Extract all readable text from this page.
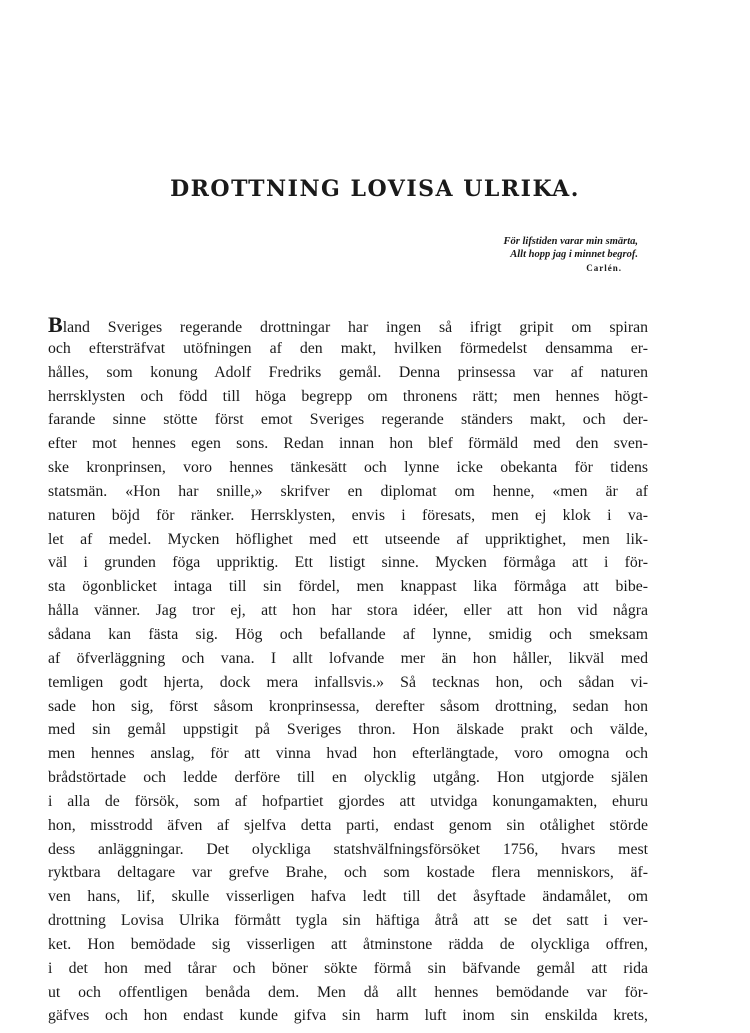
DROTTNING LOVISA ULRIKA.
För lifstiden varar min smärta,
Allt hopp jag i minnet begrof.
Carlén.
Bland Sveriges regerande drottningar har ingen så ifrigt gripit om spiran
och eftersträfvat utöfningen af den makt, hvilken förmedelst densamma er-
hålles, som konung Adolf Fredriks gemål. Denna prinsessa var af naturen
herrsklysten och född till höga begrepp om thronens rätt; men hennes högt-
farande sinne stötte först emot Sveriges regerande ständers makt, och der-
efter mot hennes egen sons. Redan innan hon blef förmäld med den sven-
ske kronprinsen, voro hennes tänkesätt och lynne icke obekanta för tidens
statsmän. «Hon har snille,» skrifver en diplomat om henne, «men är af
naturen böjd för ränker. Herrsklysten, envis i föresats, men ej klok i va-
let af medel. Mycken höflighet med ett utseende af uppriktighet, men lik-
väl i grunden föga uppriktig. Ett listigt sinne. Mycken förmåga att i för-
sta ögonblicket intaga till sin fördel, men knappast lika förmåga att bibe-
hålla vänner. Jag tror ej, att hon har stora idéer, eller att hon vid några
sådana kan fästa sig. Hög och befallande af lynne, smidig och smeksam
af öfverläggning och vana. I allt lofvande mer än hon håller, likväl med
temligen godt hjerta, dock mera infallsvis.» Så tecknas hon, och sådan vi-
sade hon sig, först såsom kronprinsessa, derefter såsom drottning, sedan hon
med sin gemål uppstigit på Sveriges thron. Hon älskade prakt och välde,
men hennes anslag, för att vinna hvad hon efterlängtade, voro omogna och
brådstörtade och ledde derföre till en olycklig utgång. Hon utgjorde själen
i alla de försök, som af hofpartiet gjordes att utvidga konungamakten, ehuru
hon, misstrodd äfven af sjelfva detta parti, endast genom sin otålighet störde
dess anläggningar. Det olyckliga statshvälfningsförsöket 1756, hvars mest
ryktbara deltagare var grefve Brahe, och som kostade flera menniskors, äf-
ven hans, lif, skulle visserligen hafva ledt till det åsyftade ändamålet, om
drottning Lovisa Ulrika förmått tygla sin häftiga åtrå att se det satt i ver-
ket. Hon bemödade sig visserligen att åtminstone rädda de olyckliga offren,
i det hon med tårar och böner sökte förmå sin bäfvande gemål att rida
ut och offentligen benåda dem. Men då allt hennes bemödande var för-
gäfves och hon endast kunde gifva sin harm luft inom sin enskilda krets,
